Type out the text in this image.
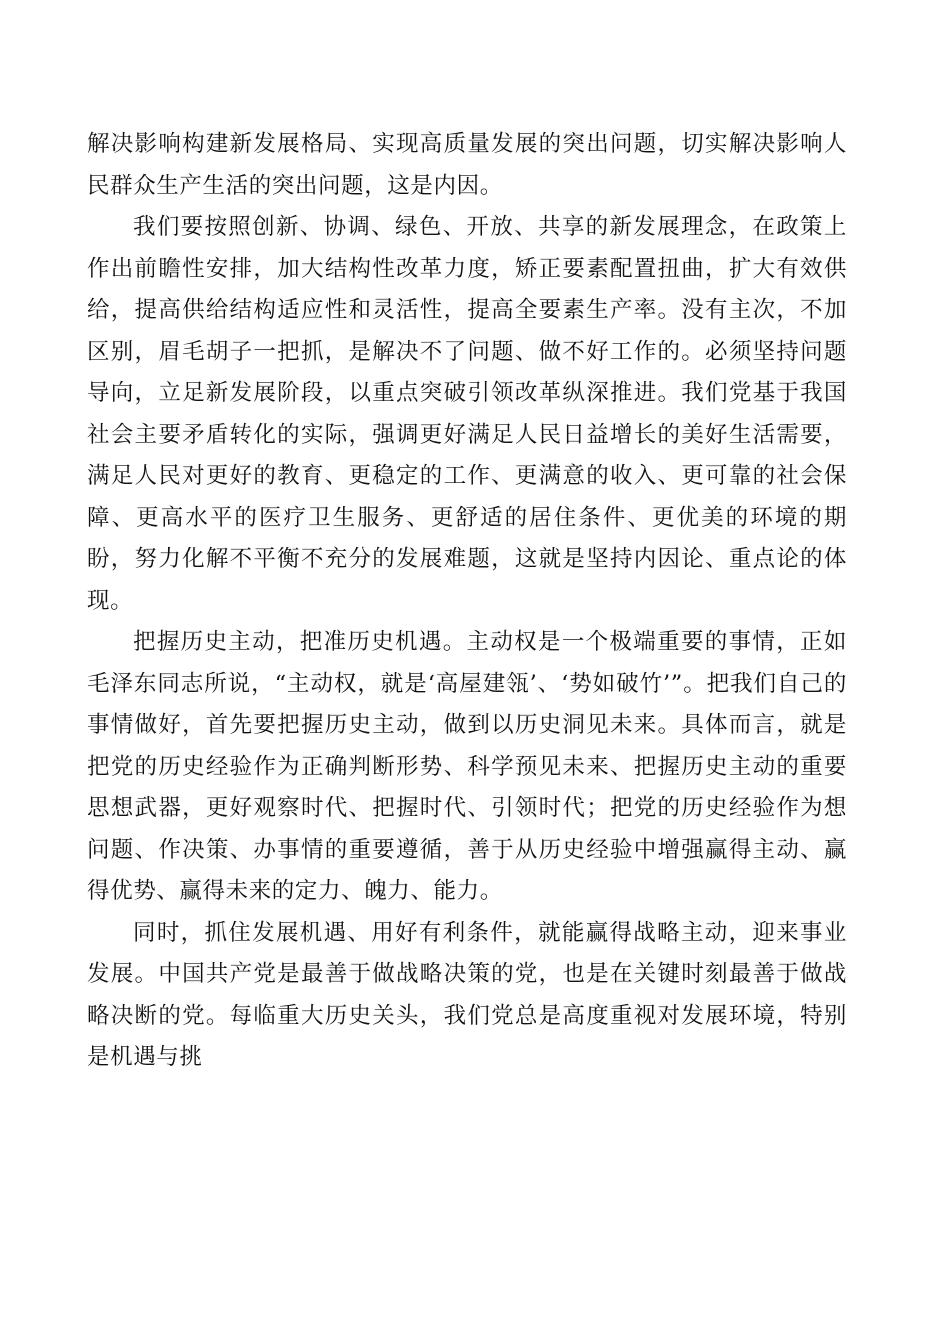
解决影响构建新发展格局、实现高质量发展的突出问题，切实解决影响人民群众生产生活的突出问题，这是内因。

我们要按照创新、协调、绿色、开放、共享的新发展理念，在政策上作出前瞻性安排，加大结构性改革力度，矫正要素配置扭曲，扩大有效供给，提高供给结构适应性和灵活性，提高全要素生产率。没有主次，不加区别，眉毛胡子一把抓，是解决不了问题、做不好工作的。必须坚持问题导向，立足新发展阶段，以重点突破引领改革纵深推进。我们党基于我国社会主要矛盾转化的实际，强调更好满足人民日益增长的美好生活需要，满足人民对更好的教育、更稳定的工作、更满意的收入、更可靠的社会保障、更高水平的医疗卫生服务、更舒适的居住条件、更优美的环境的期盼，努力化解不平衡不充分的发展难题，这就是坚持内因论、重点论的体现。

把握历史主动，把准历史机遇。主动权是一个极端重要的事情，正如毛泽东同志所说，“主动权，就是‘高屋建瓴’、‘势如破竹’”。把我们自己的事情做好，首先要把握历史主动，做到以历史洞见未来。具体而言，就是把党的历史经验作为正确判断形势、科学预见未来、把握历史主动的重要思想武器，更好观察时代、把握时代、引领时代；把党的历史经验作为想问题、作决策、办事情的重要遵循，善于从历史经验中增强赢得主动、赢得优势、赢得未来的定力、魄力、能力。

同时，抓住发展机遇、用好有利条件，就能赢得战略主动，迎来事业发展。中国共产党是最善于做战略决策的党，也是在关键时刻最善于做战略决断的党。每临重大历史关头，我们党总是高度重视对发展环境，特别是机遇与挑
